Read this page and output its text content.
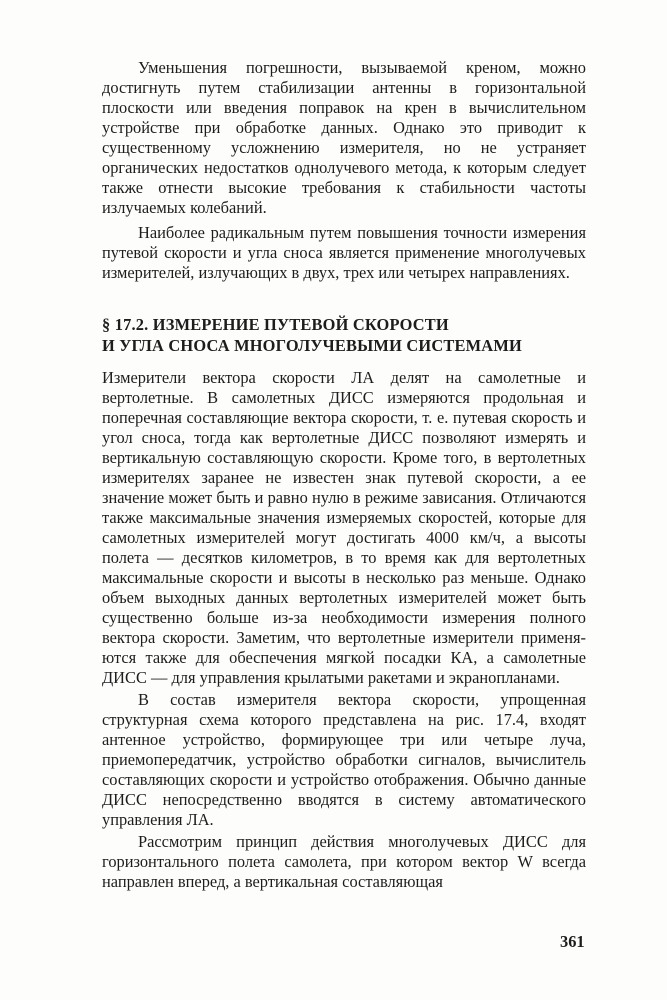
Уменьшения погрешности, вызываемой креном, можно достигнуть путем стабилизации антенны в горизонтальной плоскости или введения поправок на крен в вычислительном устройстве при обработке данных. Однако это приводит к существенному усложнению измерителя, но не устраняет органических недостатков однолучевого метода, к которым следует также отнести высокие требования к стабильности частоты излучаемых колебаний.

Наиболее радикальным путем повышения точности измерения путевой скорости и угла сноса является применение многолучевых измерителей, излучающих в двух, трех или четырех направлениях.

§ 17.2. ИЗМЕРЕНИЕ ПУТЕВОЙ СКОРОСТИ
И УГЛА СНОСА МНОГОЛУЧЕВЫМИ СИСТЕМАМИ

Измерители вектора скорости ЛА делят на самолетные и вертолетные. В самолетных ДИСС измеряются продольная и поперечная составляющие вектора скорости, т. е. путевая скорость и угол сноса, тогда как вертолетные ДИСС позволяют измерять и вертикальную составляющую скорости. Кроме того, в вертолетных измерителях заранее не известен знак путевой скорости, а ее значение может быть и равно нулю в режиме зависания. Отличаются также максимальные значения измеряемых скоростей, которые для самолетных измерителей могут достигать 4000 км/ч, а высоты полета — десятков километров, в то время как для вертолетных максимальные скорости и высоты в несколько раз меньше. Однако объем выходных данных вертолетных измерителей может быть существенно больше из-за необходимости измерения полного вектора скорости. Заметим, что вертолетные измерители применяются также для обеспечения мягкой посадки КА, а самолетные ДИСС — для управления крылатыми ракетами и экранопланами.

В состав измерителя вектора скорости, упрощенная структурная схема которого представлена на рис. 17.4, входят антенное устройство, формирующее три или четыре луча, приемопередатчик, устройство обработки сигналов, вычислитель составляющих скорости и устройство отображения. Обычно данные ДИСС непосредственно вводятся в систему автоматического управления ЛА.

Рассмотрим принцип действия многолучевых ДИСС для горизонтального полета самолета, при котором вектор W всегда направлен вперед, а вертикальная составляющая

361
